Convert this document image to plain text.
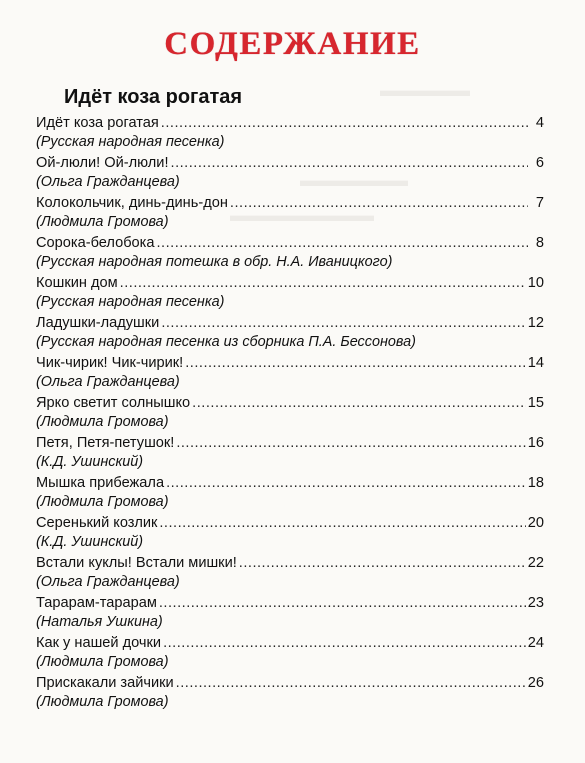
▬▬▬▬▬▬
▬▬▬▬▬▬▬▬
▬▬▬▬▬
СОДЕРЖАНИЕ
Идёт коза рогатая
Идёт коза рогатая .....	4
(Русская народная песенка)
Ой-люли! Ой-люли! .....	6
(Ольга Гражданцева)
Колокольчик, динь-динь-дон .....	7
(Людмила Громова)
Сорока-белобока .....	8
(Русская народная потешка в обр. Н.А. Иваницкого)
Кошкин дом .....	10
(Русская народная песенка)
Ладушки-ладушки .....	12
(Русская народная песенка из сборника П.А. Бессонова)
Чик-чирик! Чик-чирик! .....	14
(Ольга Гражданцева)
Ярко светит солнышко .....	15
(Людмила Громова)
Петя, Петя-петушок! .....	16
(К.Д. Ушинский)
Мышка прибежала .....	18
(Людмила Громова)
Серенький козлик .....	20
(К.Д. Ушинский)
Встали куклы! Встали мишки! .....	22
(Ольга Гражданцева)
Тарарам-тарарам .....	23
(Наталья Ушкина)
Как у нашей дочки .....	24
(Людмила Громова)
Прискакали зайчики .....	26
(Людмила Громова)
